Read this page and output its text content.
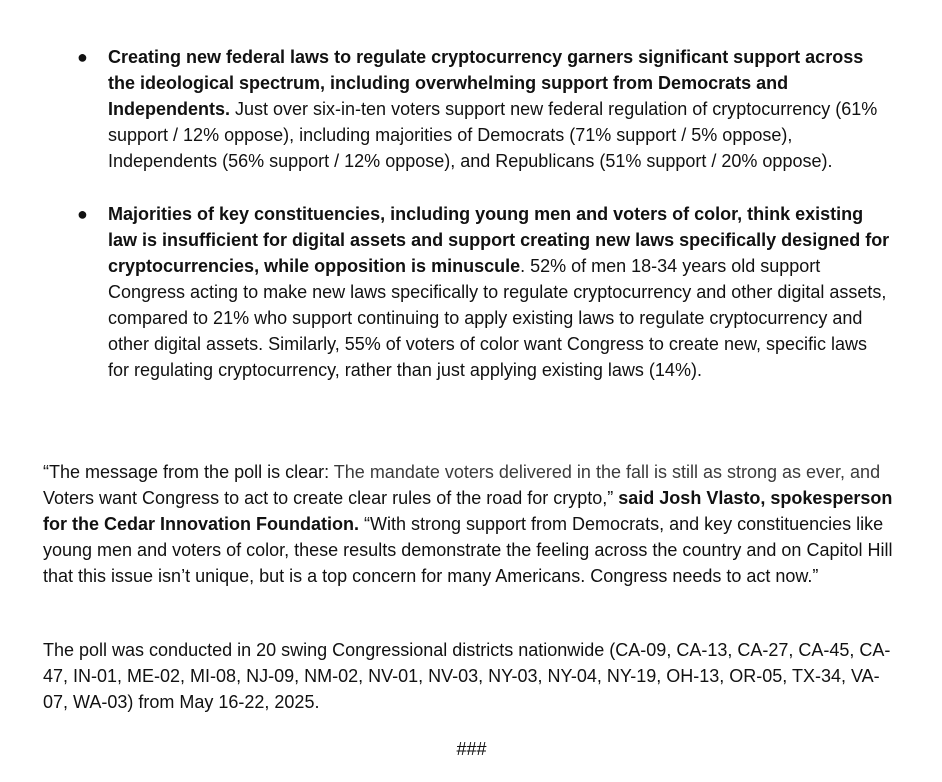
● Creating new federal laws to regulate cryptocurrency garners significant support across the ideological spectrum, including overwhelming support from Democrats and Independents. Just over six-in-ten voters support new federal regulation of cryptocurrency (61% support / 12% oppose), including majorities of Democrats (71% support / 5% oppose), Independents (56% support / 12% oppose), and Republicans (51% support / 20% oppose).
● Majorities of key constituencies, including young men and voters of color, think existing law is insufficient for digital assets and support creating new laws specifically designed for cryptocurrencies, while opposition is minuscule. 52% of men 18-34 years old support Congress acting to make new laws specifically to regulate cryptocurrency and other digital assets, compared to 21% who support continuing to apply existing laws to regulate cryptocurrency and other digital assets. Similarly, 55% of voters of color want Congress to create new, specific laws for regulating cryptocurrency, rather than just applying existing laws (14%).

“The message from the poll is clear: The mandate voters delivered in the fall is still as strong as ever, and Voters want Congress to act to create clear rules of the road for crypto,” said Josh Vlasto, spokesperson for the Cedar Innovation Foundation. “With strong support from Democrats, and key constituencies like young men and voters of color, these results demonstrate the feeling across the country and on Capitol Hill that this issue isn’t unique, but is a top concern for many Americans. Congress needs to act now.”

The poll was conducted in 20 swing Congressional districts nationwide (CA-09, CA-13, CA-27, CA-45, CA-47, IN-01, ME-02, MI-08, NJ-09, NM-02, NV-01, NV-03, NY-03, NY-04, NY-19, OH-13, OR-05, TX-34, VA-07, WA-03) from May 16-22, 2025.

###
